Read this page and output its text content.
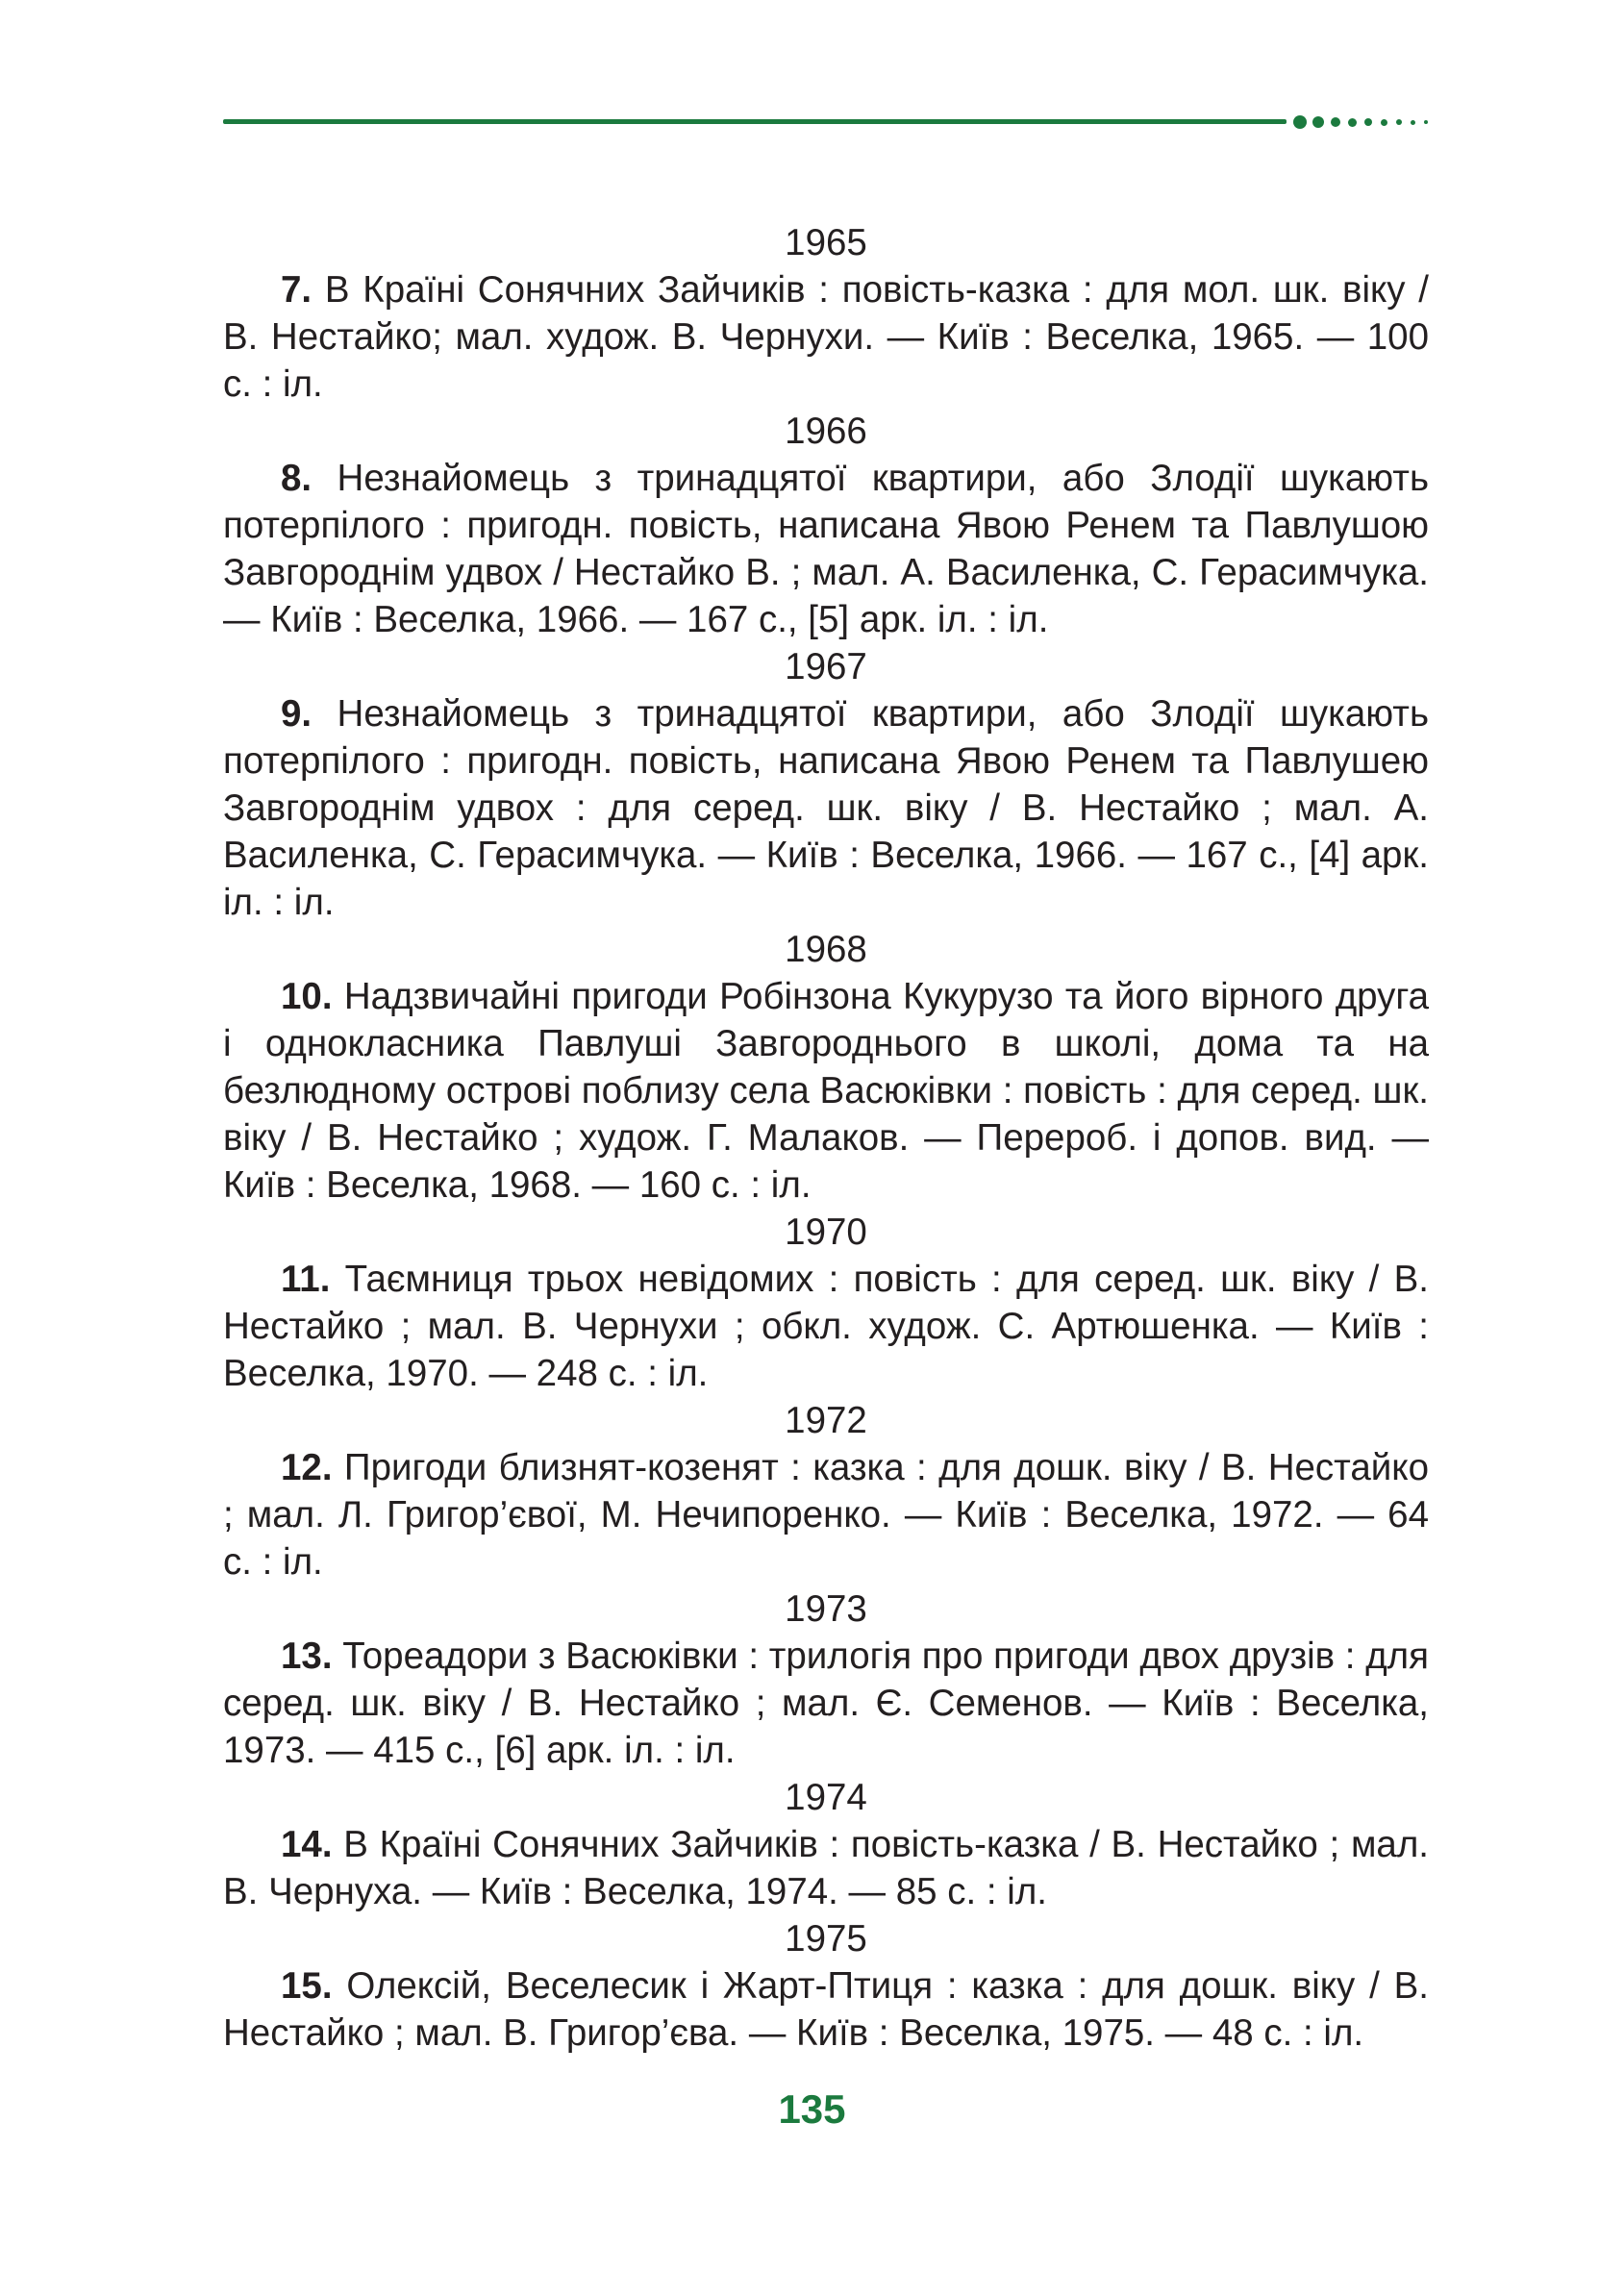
1965

7. В Країні Сонячних Зайчиків : повість-казка : для мол. шк. віку / В. Нестайко; мал. худож. В. Чернухи. — Київ : Веселка, 1965. — 100 с. : іл.

1966

8. Незнайомець з тринадцятої квартири, або Злодії шукають потерпілого : пригодн. повість, написана Явою Ренем та Павлушою Завгороднім удвох / Нестайко В. ; мал. А. Василенка, С. Герасимчука. — Київ : Веселка, 1966. — 167 с., [5] арк. іл. : іл.

1967

9. Незнайомець з тринадцятої квартири, або Злодії шукають потерпілого : пригодн. повість, написана Явою Ренем та Павлушею Завгороднім удвох : для серед. шк. віку / В. Нестайко ; мал. А. Василенка, С. Герасимчука. — Київ : Веселка, 1966. — 167 с., [4] арк. іл. : іл.

1968

10. Надзвичайні пригоди Робінзона Кукурузо та його вірного друга і однокласника Павлуші Завгороднього в школі, дома та на безлюдному острові поблизу села Васюківки : повість : для серед. шк. віку / В. Нестайко ; худож. Г. Малаков. — Перероб. і допов. вид. — Київ : Веселка, 1968. — 160 с. : іл.

1970

11. Таємниця трьох невідомих : повість : для серед. шк. віку / В. Нестайко ; мал. В. Чернухи ; обкл. худож. С. Артюшенка. — Київ : Веселка, 1970. — 248 с. : іл.

1972

12. Пригоди близнят-козенят : казка : для дошк. віку / В. Нестайко ; мал. Л. Григор’євої, М. Нечипоренко. — Київ : Веселка, 1972. — 64 с. : іл.

1973

13. Тореадори з Васюківки : трилогія про пригоди двох друзів : для серед. шк. віку / В. Нестайко ; мал. Є. Семенов. — Київ : Веселка, 1973. — 415 с., [6] арк. іл. : іл.

1974

14. В Країні Сонячних Зайчиків : повість-казка / В. Нестайко ; мал. В. Чернуха. — Київ : Веселка, 1974. — 85 с. : іл.

1975

15. Олексій, Веселесик і Жарт-Птиця : казка : для дошк. віку / В. Нестайко ; мал. В. Григор’єва. — Київ : Веселка, 1975. — 48 с. : іл.

135
